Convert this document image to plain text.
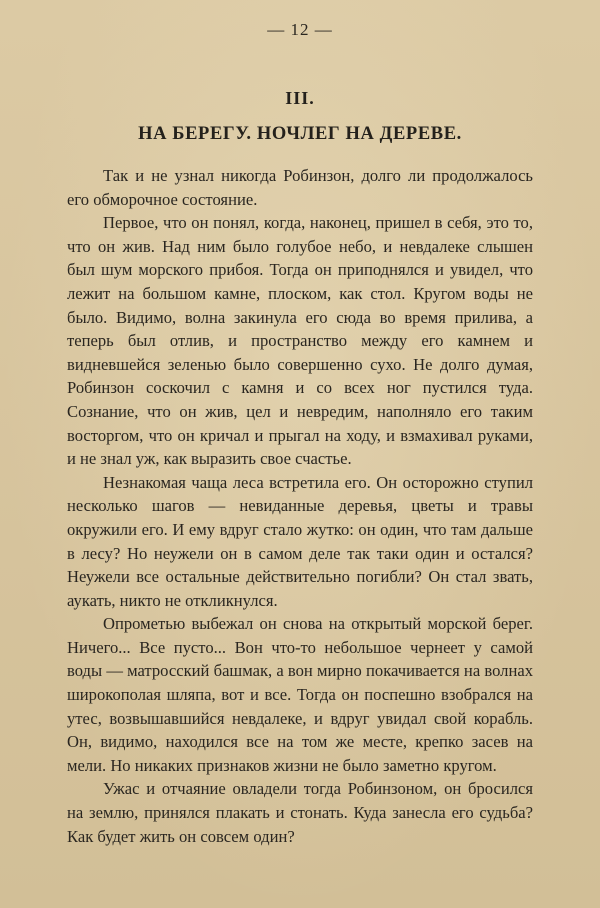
— 12 —
III.
НА БЕРЕГУ. НОЧЛЕГ НА ДЕРЕВЕ.

Так и не узнал никогда Робинзон, долго ли продолжалось его обморочное состояние.

Первое, что он понял, когда, наконец, пришел в себя, это то, что он жив. Над ним было голубое небо, и невдалеке слышен был шум морского прибоя. Тогда он приподнялся и увидел, что лежит на большом камне, плоском, как стол. Кругом воды не было. Видимо, волна закинула его сюда во время прилива, а теперь был отлив, и пространство между его камнем и видневшейся зеленью было совершенно сухо. Не долго думая, Робинзон соскочил с камня и со всех ног пустился туда. Сознание, что он жив, цел и невредим, наполняло его таким восторгом, что он кричал и прыгал на ходу, и взмахивал руками, и не знал уж, как выразить свое счастье.

Незнакомая чаща леса встретила его. Он осторожно ступил несколько шагов — невиданные деревья, цветы и травы окружили его. И ему вдруг стало жутко: он один, что там дальше в лесу? Но неужели он в самом деле так таки один и остался? Неужели все остальные действительно погибли? Он стал звать, аукать, никто не откликнулся.

Опрометью выбежал он снова на открытый морской берег. Ничего... Все пусто... Вон что-то небольшое чернеет у самой воды — матросский башмак, а вон мирно покачивается на волнах широкополая шляпа, вот и все. Тогда он поспешно взобрался на утес, возвышавшийся невдалеке, и вдруг увидал свой корабль. Он, видимо, находился все на том же месте, крепко засев на мели. Но никаких признаков жизни не было заметно кругом.

Ужас и отчаяние овладели тогда Робинзоном, он бросился на землю, принялся плакать и стонать. Куда занесла его судьба? Как будет жить он совсем один?
